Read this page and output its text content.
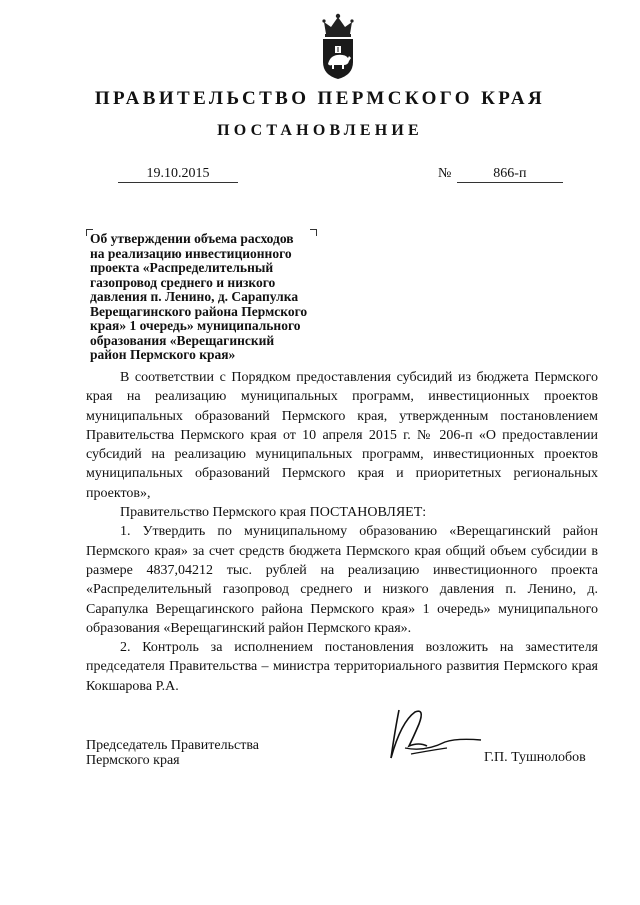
ПРАВИТЕЛЬСТВО ПЕРМСКОГО КРАЯ
ПОСТАНОВЛЕНИЕ
19.10.2015	№	866-п
Об утверждении объема расходов
на реализацию инвестиционного
проекта «Распределительный
газопровод среднего и низкого
давления п. Ленино, д. Сарапулка
Верещагинского района Пермского
края» 1 очередь» муниципального
образования «Верещагинский
район Пермского края»

В соответствии с Порядком предоставления субсидий из бюджета Пермского края на реализацию муниципальных программ, инвестиционных проектов муниципальных образований Пермского края, утвержденным постановлением Правительства Пермского края от 10 апреля 2015 г. № 206-п «О предоставлении субсидий на реализацию муниципальных программ, инвестиционных проектов муниципальных образований Пермского края и приоритетных региональных проектов»,

Правительство Пермского края ПОСТАНОВЛЯЕТ:

1. Утвердить по муниципальному образованию «Верещагинский район Пермского края» за счет средств бюджета Пермского края общий объем субсидии в размере 4837,04212 тыс. рублей на реализацию инвестиционного проекта «Распределительный газопровод среднего и низкого давления п. Ленино, д. Сарапулка Верещагинского района Пермского края» 1 очередь» муниципального образования «Верещагинский район Пермского края».

2. Контроль за исполнением постановления возложить на заместителя председателя Правительства – министра территориального развития Пермского края Кокшарова Р.А.

Председатель Правительства
Пермского края	Г.П. Тушнолобов
